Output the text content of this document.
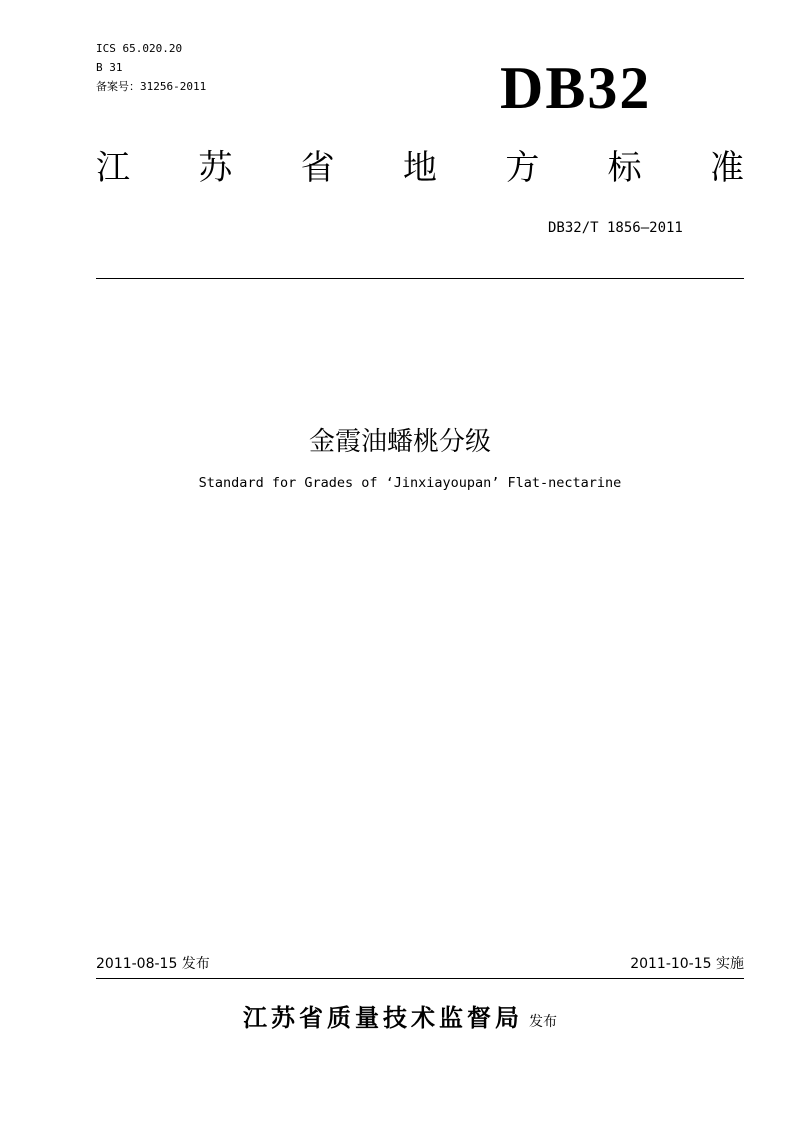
ICS 65.020.20
B 31
备案号：31256-2011	DB32
江 苏 省 地 方 标 准
DB32/T 1856—2011
金霞油蟠桃分级
Standard for Grades of ‘Jinxiayoupan’ Flat-nectarine
2011-08-15 发布	2011-10-15 实施
江苏省质量技术监督局 发布
